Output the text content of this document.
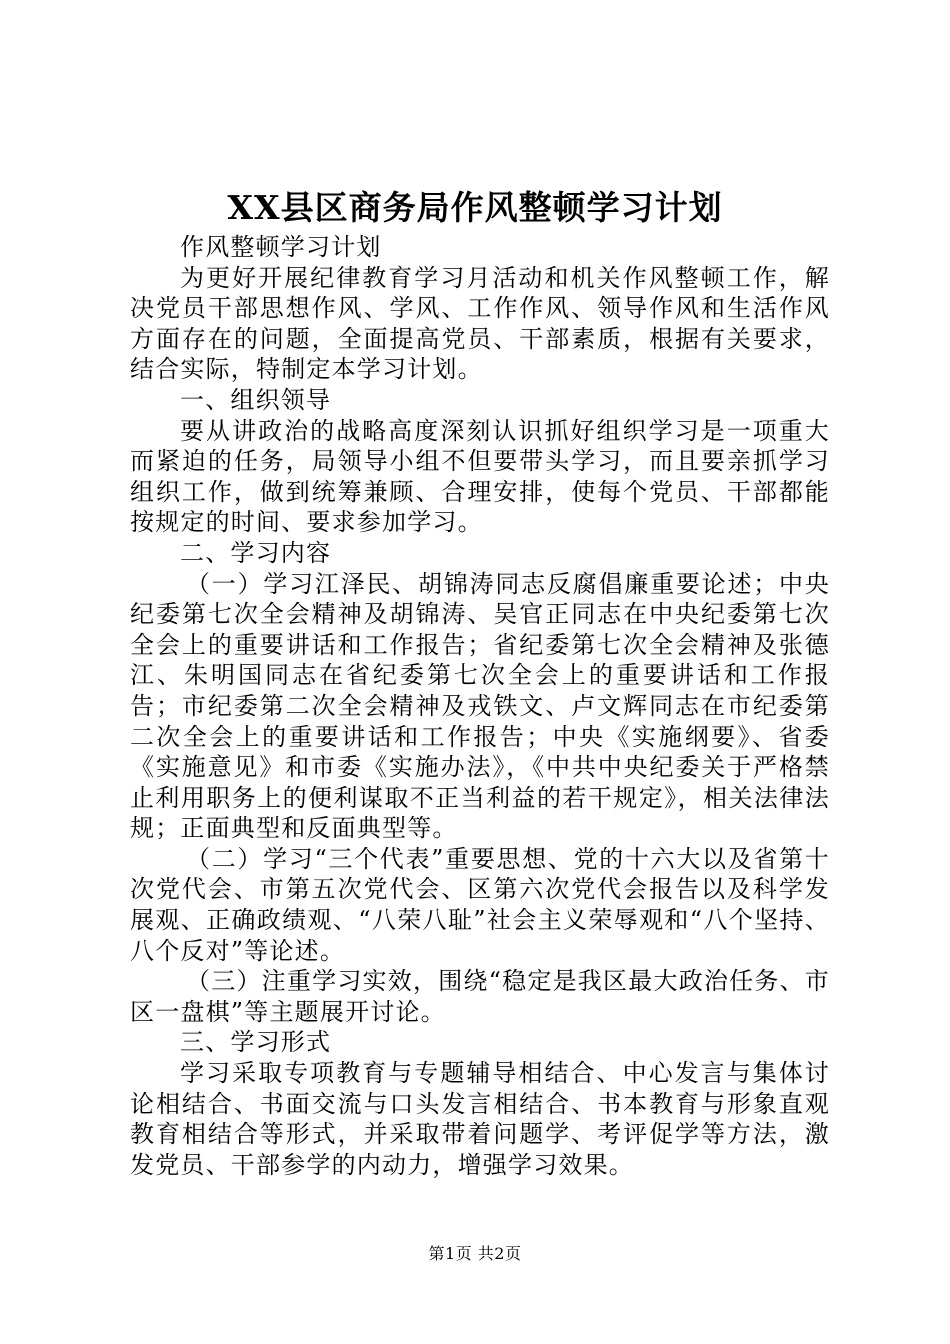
XX县区商务局作风整顿学习计划

作风整顿学习计划

为更好开展纪律教育学习月活动和机关作风整顿工作，解决党员干部思想作风、学风、工作作风、领导作风和生活作风方面存在的问题，全面提高党员、干部素质，根据有关要求，结合实际，特制定本学习计划。

一、组织领导

要从讲政治的战略高度深刻认识抓好组织学习是一项重大而紧迫的任务，局领导小组不但要带头学习，而且要亲抓学习组织工作，做到统筹兼顾、合理安排，使每个党员、干部都能按规定的时间、要求参加学习。

二、学习内容

（一）学习江泽民、胡锦涛同志反腐倡廉重要论述；中央纪委第七次全会精神及胡锦涛、吴官正同志在中央纪委第七次全会上的重要讲话和工作报告；省纪委第七次全会精神及张德江、朱明国同志在省纪委第七次全会上的重要讲话和工作报告；市纪委第二次全会精神及戎铁文、卢文辉同志在市纪委第二次全会上的重要讲话和工作报告；中央《实施纲要》、省委《实施意见》和市委《实施办法》，《中共中央纪委关于严格禁止利用职务上的便利谋取不正当利益的若干规定》，相关法律法规；正面典型和反面典型等。

（二）学习“三个代表”重要思想、党的十六大以及省第十次党代会、市第五次党代会、区第六次党代会报告以及科学发展观、正确政绩观、“八荣八耻”社会主义荣辱观和“八个坚持、八个反对”等论述。

（三）注重学习实效，围绕“稳定是我区最大政治任务、市区一盘棋”等主题展开讨论。

三、学习形式

学习采取专项教育与专题辅导相结合、中心发言与集体讨论相结合、书面交流与口头发言相结合、书本教育与形象直观教育相结合等形式，并采取带着问题学、考评促学等方法，激发党员、干部参学的内动力，增强学习效果。

第1页 共2页
